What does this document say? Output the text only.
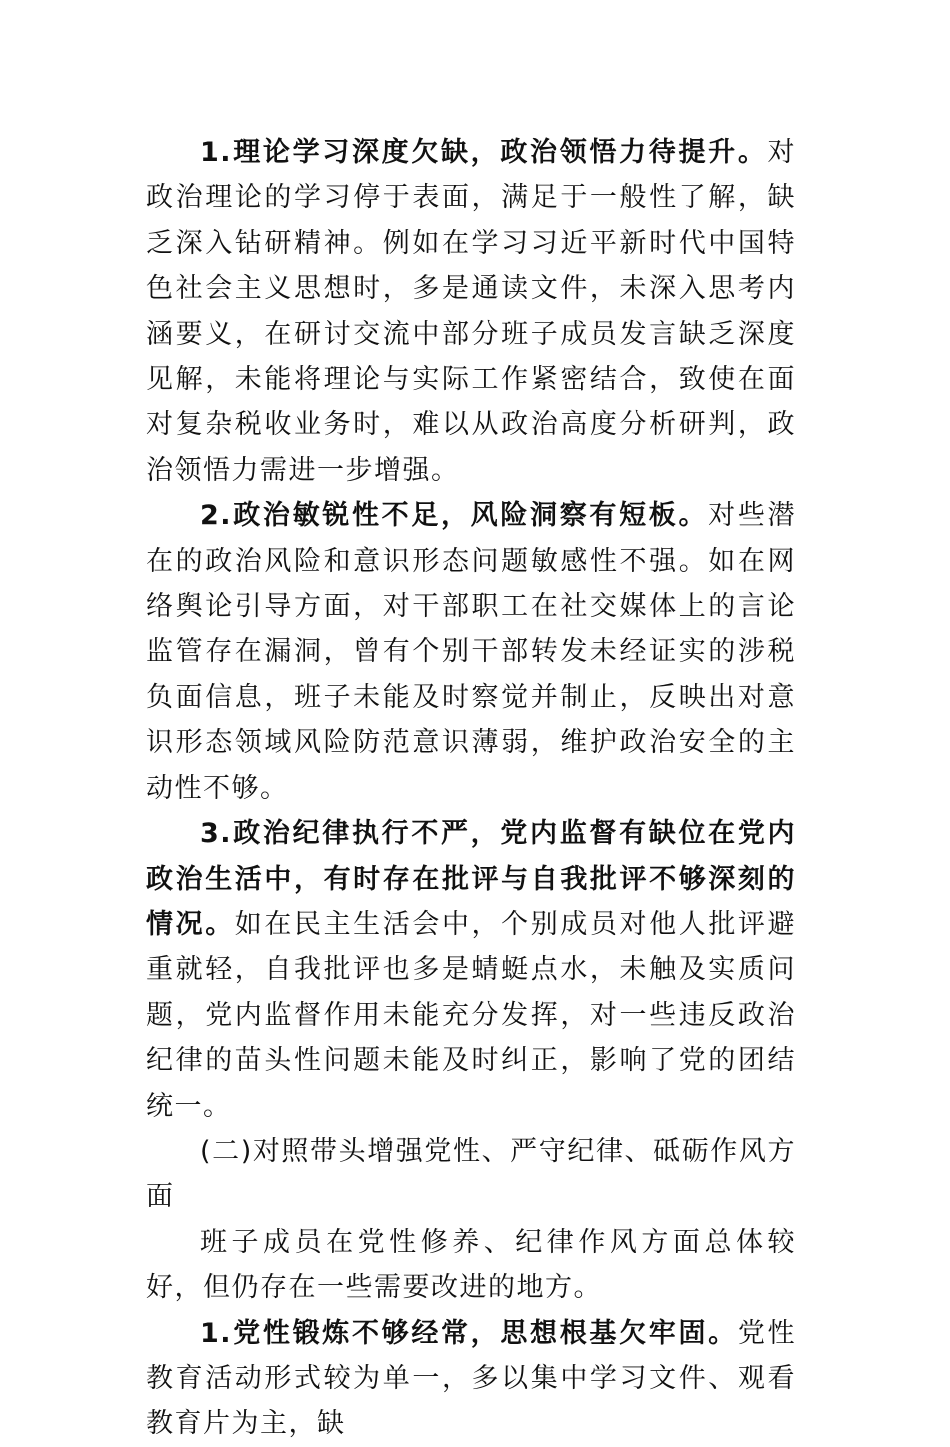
1.理论学习深度欠缺，政治领悟力待提升。对政治理论的学习停于表面，满足于一般性了解，缺乏深入钻研精神。例如在学习习近平新时代中国特色社会主义思想时，多是通读文件，未深入思考内涵要义，在研讨交流中部分班子成员发言缺乏深度见解，未能将理论与实际工作紧密结合，致使在面对复杂税收业务时，难以从政治高度分析研判，政治领悟力需进一步增强。

2.政治敏锐性不足，风险洞察有短板。对些潜在的政治风险和意识形态问题敏感性不强。如在网络舆论引导方面，对干部职工在社交媒体上的言论监管存在漏洞，曾有个别干部转发未经证实的涉税负面信息，班子未能及时察觉并制止，反映出对意识形态领域风险防范意识薄弱，维护政治安全的主动性不够。

3.政治纪律执行不严，党内监督有缺位在党内政治生活中，有时存在批评与自我批评不够深刻的情况。如在民主生活会中，个别成员对他人批评避重就轻，自我批评也多是蜻蜓点水，未触及实质问题，党内监督作用未能充分发挥，对一些违反政治纪律的苗头性问题未能及时纠正，影响了党的团结统一。

(二)对照带头增强党性、严守纪律、砥砺作风方面

班子成员在党性修养、纪律作风方面总体较好，但仍存在一些需要改进的地方。

1.党性锻炼不够经常，思想根基欠牢固。党性教育活动形式较为单一，多以集中学习文件、观看教育片为主，缺
